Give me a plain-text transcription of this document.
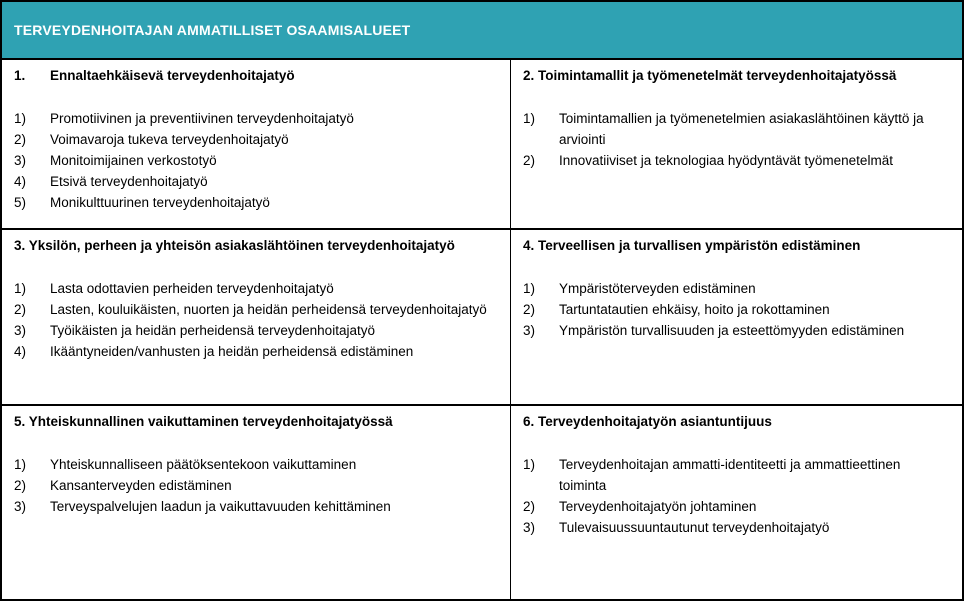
TERVEYDENHOITAJAN AMMATILLISET OSAAMISALUEET

1. Ennaltaehkäisevä terveydenhoitajatyö

1)	Promotiivinen ja preventiivinen terveydenhoitajatyö
2)	Voimavaroja tukeva terveydenhoitajatyö
3)	Monitoimijainen verkostotyö
4)	Etsivä terveydenhoitajatyö
5)	Monikulttuurinen terveydenhoitajatyö

2. Toimintamallit ja työmenetelmät terveydenhoitajatyössä

1)	Toimintamallien ja työmenetelmien asiakaslähtöinen käyttö ja arviointi
2)	Innovatiiviset ja teknologiaa hyödyntävät työmenetelmät

3. Yksilön, perheen ja yhteisön asiakaslähtöinen terveydenhoitajatyö

1)	Lasta odottavien perheiden terveydenhoitajatyö
2)	Lasten, kouluikäisten, nuorten ja heidän perheidensä terveydenhoitajatyö
3)	Työikäisten ja heidän perheidensä terveydenhoitajatyö
4)	Ikääntyneiden/vanhusten ja heidän perheidensä edistäminen

4. Terveellisen ja turvallisen ympäristön edistäminen

1)	Ympäristöterveyden edistäminen
2)	Tartuntatautien ehkäisy, hoito ja rokottaminen
3)	Ympäristön turvallisuuden ja esteettömyyden edistäminen

5. Yhteiskunnallinen vaikuttaminen terveydenhoitajatyössä

1)	Yhteiskunnalliseen päätöksentekoon vaikuttaminen
2)	Kansanterveyden edistäminen
3)	Terveyspalvelujen laadun ja vaikuttavuuden kehittäminen

6. Terveydenhoitajatyön asiantuntijuus

1)	Terveydenhoitajan ammatti-identiteetti ja ammattieettinen toiminta
2)	Terveydenhoitajatyön johtaminen
3)	Tulevaisuussuuntautunut terveydenhoitajatyö
